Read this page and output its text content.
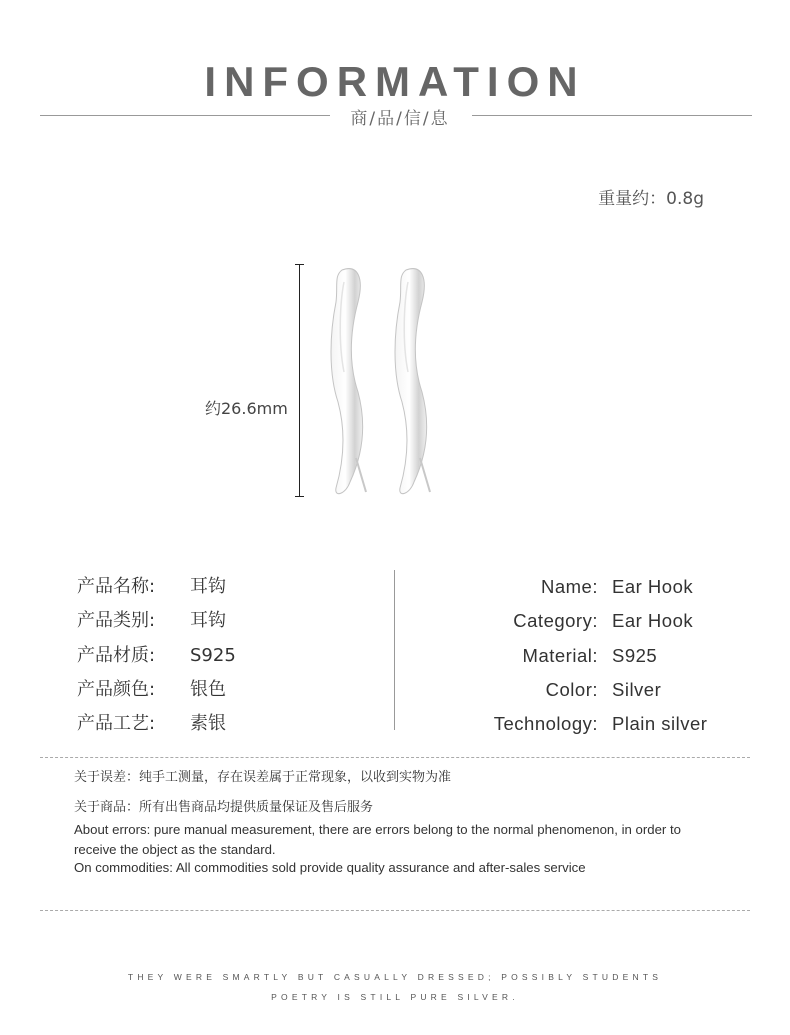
INFORMATION
商/品/信/息
重量约：0.8g
约26.6mm
产品名称:
产品类别:
产品材质:
产品颜色:
产品工艺:
耳钩
耳钩
S925
银色
素银
Name:
Category:
Material:
Color:
Technology:
Ear Hook
Ear Hook
S925
Silver
Plain silver
关于误差：纯手工测量，存在误差属于正常现象，以收到实物为准
关于商品：所有出售商品均提供质量保证及售后服务
About errors: pure manual measurement, there are errors belong to the normal phenomenon, in order to
receive the object as the standard.
On commodities: All commodities sold provide quality assurance and after-sales service
THEY WERE SMARTLY BUT CASUALLY DRESSED; POSSIBLY STUDENTS
POETRY IS STILL PURE SILVER.
